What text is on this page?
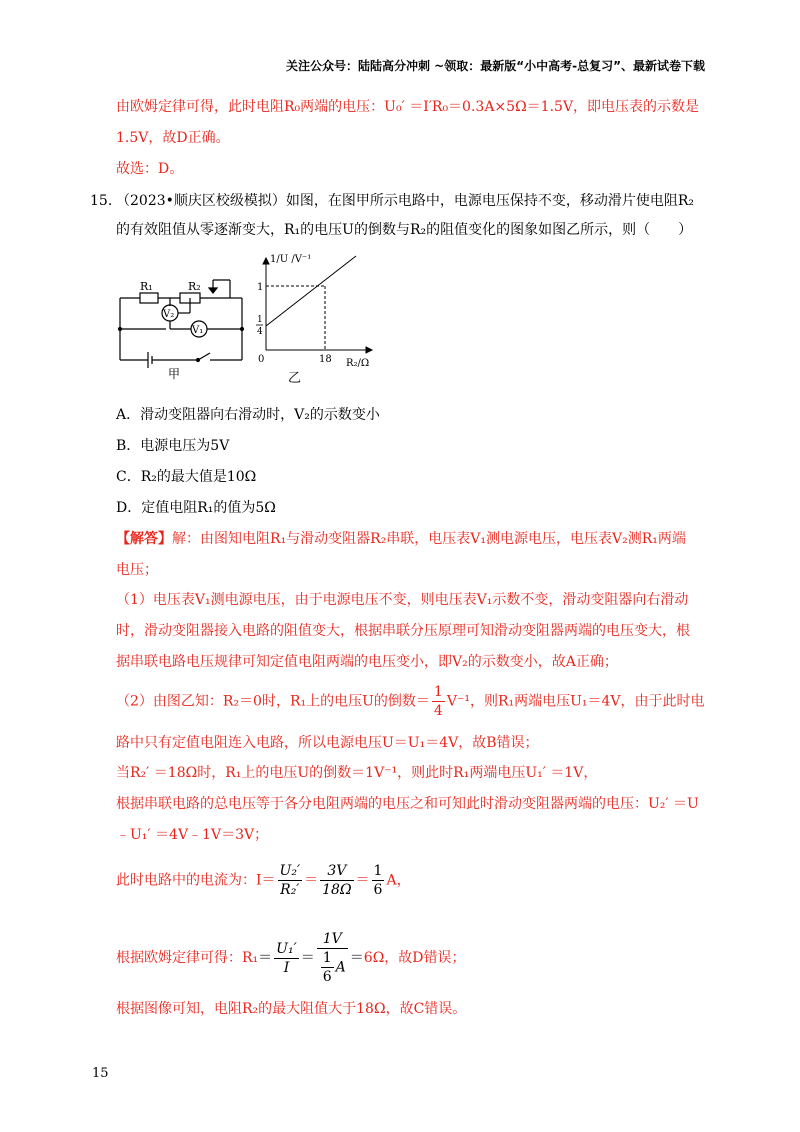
关注公众号：陆陆高分冲刺 ~领取：最新版“小中高考-总复习”、最新试卷下载
由欧姆定律可得，此时电阻R₀两端的电压：U₀′ ＝I′R₀＝0.3A×5Ω＝1.5V，即电压表的示数是
1.5V，故D正确。
故选：D。
15. （2023•顺庆区校级模拟）如图，在图甲所示电路中，电源电压保持不变，移动滑片使电阻R₂
的有效阻值从零逐渐变大，R₁的电压U的倒数与R₂的阻值变化的图象如图乙所示，则（　　）
R₁	R₂
V₂
V₁
甲
1/U /V⁻¹
1
1
4
0	18 R₂/Ω
乙
A．滑动变阻器向右滑动时，V₂的示数变小
B．电源电压为5V
C．R₂的最大值是10Ω
D．定值电阻R₁的值为5Ω
【解答】解：由图知电阻R₁与滑动变阻器R₂串联，电压表V₁测电源电压，电压表V₂测R₁两端
电压；
（1）电压表V₁测电源电压，由于电源电压不变，则电压表V₁示数不变，滑动变阻器向右滑动
时，滑动变阻器接入电路的阻值变大，根据串联分压原理可知滑动变阻器两端的电压变大，根
据串联电路电压规律可知定值电阻两端的电压变小，即V₂的示数变小，故A正确；
（2）由图乙知：R₂＝0时，R₁上的电压U的倒数＝ $\frac{1}{4} V^{-1}$，则R₁两端电压U₁＝4V，由于此时电
路中只有定值电阻连入电路，所以电源电压U＝U₁＝4V，故B错误；
当R₂′ ＝18Ω时，R₁上的电压U的倒数＝1V⁻¹，则此时R₁两端电压U₁′ ＝1V，
根据串联电路的总电压等于各分电阻两端的电压之和可知此时滑动变阻器两端的电压：U₂′ ＝U
﹣U₁′ ＝4V﹣1V＝3V；
此时电路中的电流为：$I= \frac{\text{U₂′}}{\text{R₂′}} = \frac{3V}{18\Omega} = \frac{1}{6}$ A，
根据欧姆定律可得：$R_1= \frac{\text{U₁′}}{I} = \frac{1V}{\frac{1}{6} A} =6\Omega$，故D错误；
根据图像可知，电阻R₂的最大阻值大于18Ω，故C错误。
15
